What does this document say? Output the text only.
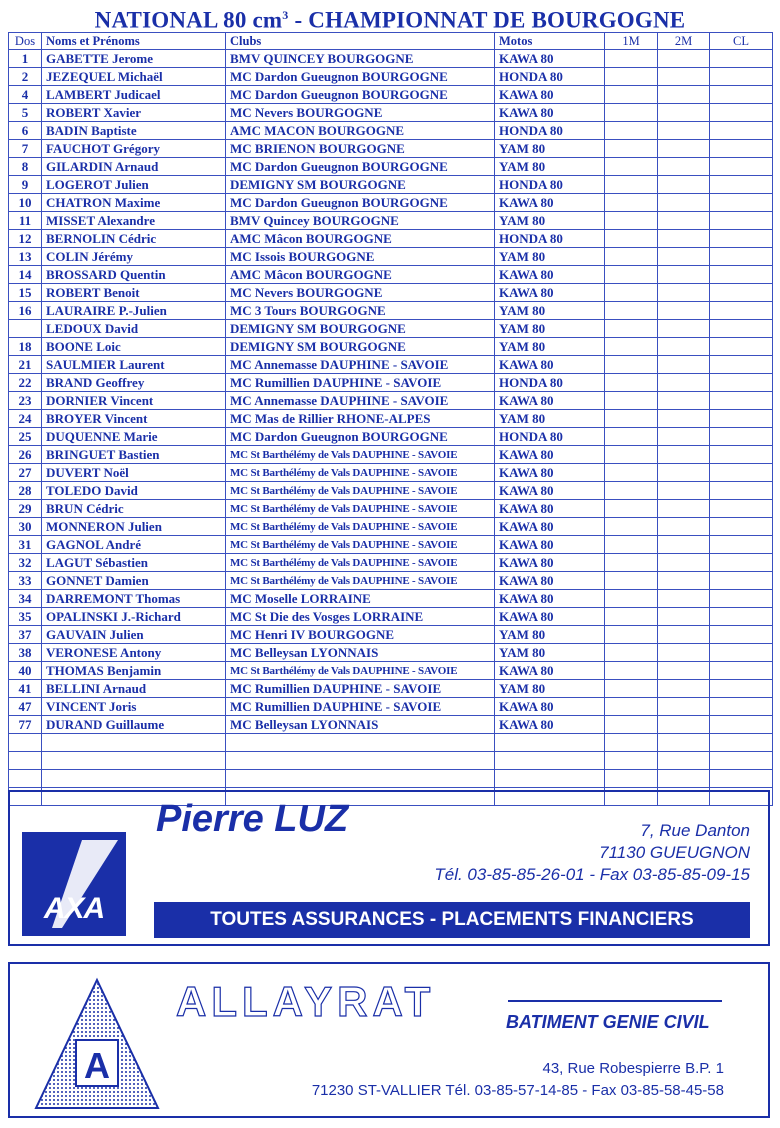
NATIONAL 80 $cm^3$ - CHAMPIONNAT DE BOURGOGNE
Dos	Noms et Prénoms	Clubs	Motos	1M	2M	CL
1	GABETTE Jerome	BMV QUINCEY BOURGOGNE	KAWA 80			
2	JEZEQUEL Michaël	MC Dardon Gueugnon BOURGOGNE	HONDA 80			
4	LAMBERT Judicael	MC Dardon Gueugnon BOURGOGNE	KAWA 80			
5	ROBERT Xavier	MC Nevers BOURGOGNE	KAWA 80			
6	BADIN Baptiste	AMC MACON BOURGOGNE	HONDA 80			
7	FAUCHOT Grégory	MC BRIENON BOURGOGNE	YAM 80			
8	GILARDIN Arnaud	MC Dardon Gueugnon BOURGOGNE	YAM 80			
9	LOGEROT Julien	DEMIGNY SM BOURGOGNE	HONDA 80			
10	CHATRON Maxime	MC Dardon Gueugnon BOURGOGNE	KAWA 80			
11	MISSET Alexandre	BMV Quincey BOURGOGNE	YAM 80			
12	BERNOLIN Cédric	AMC Mâcon BOURGOGNE	HONDA 80			
13	COLIN Jérémy	MC Issois BOURGOGNE	YAM 80			
14	BROSSARD Quentin	AMC Mâcon BOURGOGNE	KAWA 80			
15	ROBERT Benoit	MC Nevers BOURGOGNE	KAWA 80			
16	LAURAIRE P.-Julien	MC 3 Tours BOURGOGNE	YAM 80			
	LEDOUX David	DEMIGNY SM BOURGOGNE	YAM 80			
18	BOONE Loic	DEMIGNY SM BOURGOGNE	YAM 80			
21	SAULMIER Laurent	MC Annemasse DAUPHINE - SAVOIE	KAWA 80			
22	BRAND Geoffrey	MC Rumillien DAUPHINE - SAVOIE	HONDA 80			
23	DORNIER Vincent	MC Annemasse DAUPHINE - SAVOIE	KAWA 80			
24	BROYER Vincent	MC Mas de Rillier RHONE-ALPES	YAM 80			
25	DUQUENNE Marie	MC Dardon Gueugnon BOURGOGNE	HONDA 80			
26	BRINGUET Bastien	MC St Barthélémy de Vals DAUPHINE - SAVOIE	KAWA 80			
27	DUVERT Noël	MC St Barthélémy de Vals DAUPHINE - SAVOIE	KAWA 80			
28	TOLEDO David	MC St Barthélémy de Vals DAUPHINE - SAVOIE	KAWA 80			
29	BRUN Cédric	MC St Barthélémy de Vals DAUPHINE - SAVOIE	KAWA 80			
30	MONNERON Julien	MC St Barthélémy de Vals DAUPHINE - SAVOIE	KAWA 80			
31	GAGNOL André	MC St Barthélémy de Vals DAUPHINE - SAVOIE	KAWA 80			
32	LAGUT Sébastien	MC St Barthélémy de Vals DAUPHINE - SAVOIE	KAWA 80			
33	GONNET Damien	MC St Barthélémy de Vals DAUPHINE - SAVOIE	KAWA 80			
34	DARREMONT Thomas	MC Moselle LORRAINE	KAWA 80			
35	OPALINSKI J.-Richard	MC St Die des Vosges LORRAINE	KAWA 80			
37	GAUVAIN Julien	MC Henri IV BOURGOGNE	YAM 80			
38	VERONESE Antony	MC Belleysan LYONNAIS	YAM 80			
40	THOMAS Benjamin	MC St Barthélémy de Vals DAUPHINE - SAVOIE	KAWA 80			
41	BELLINI Arnaud	MC Rumillien DAUPHINE - SAVOIE	YAM 80			
47	VINCENT Joris	MC Rumillien DAUPHINE - SAVOIE	KAWA 80			
77	DURAND Guillaume	MC Belleysan LYONNAIS	KAWA 80			

AXA
Pierre LUZ	7, Rue Danton
71130 GUEUGNON
Tél. 03-85-85-26-01 - Fax 03-85-85-09-15
TOUTES ASSURANCES - PLACEMENTS FINANCIERS
A
ALLAYRAT	BATIMENT GENIE CIVIL
43, Rue Robespierre B.P. 1
71230 ST-VALLIER Tél. 03-85-57-14-85 - Fax 03-85-58-45-58
